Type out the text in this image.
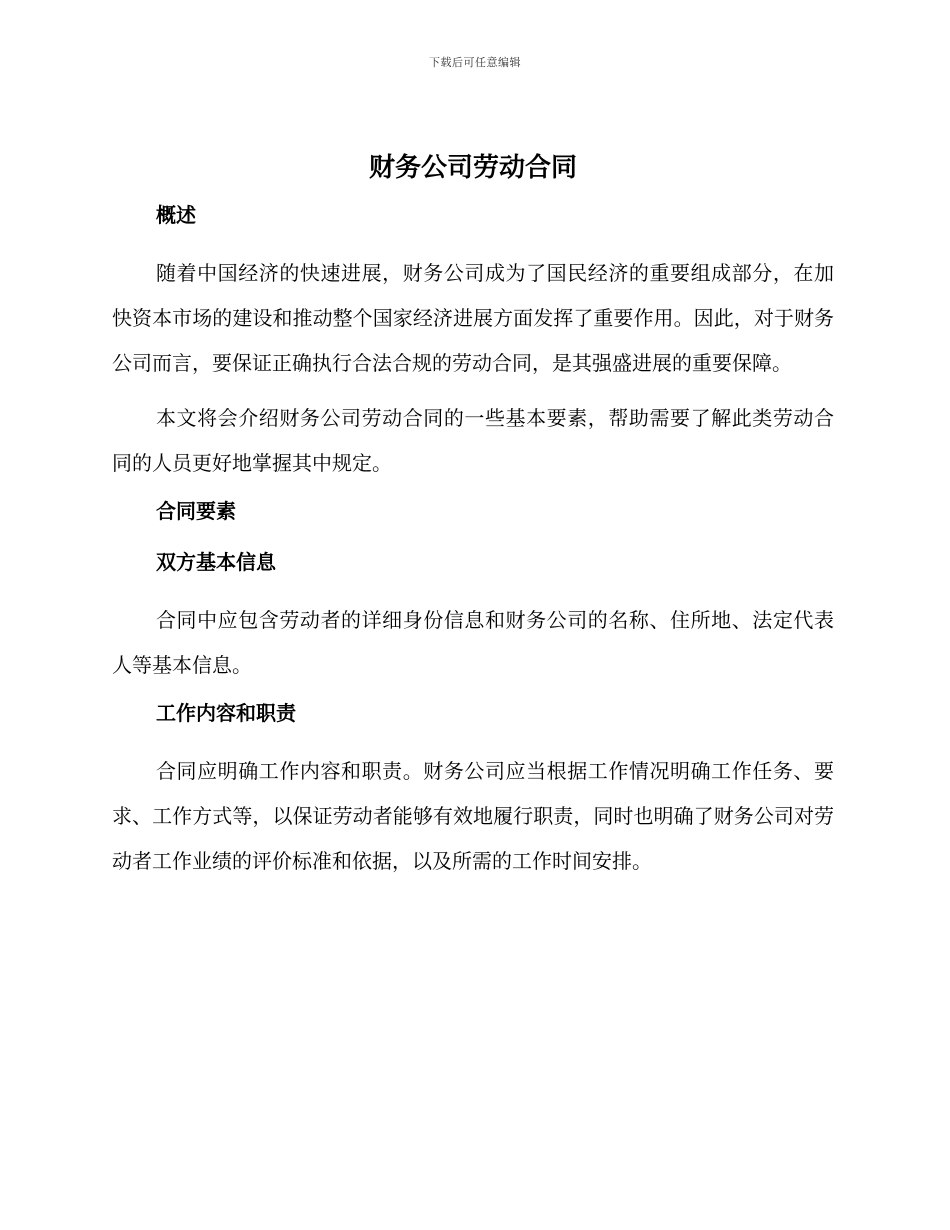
下载后可任意编辑
财务公司劳动合同
概述

随着中国经济的快速进展，财务公司成为了国民经济的重要组成部分，在加快资本市场的建设和推动整个国家经济进展方面发挥了重要作用。因此，对于财务公司而言，要保证正确执行合法合规的劳动合同，是其强盛进展的重要保障。

本文将会介绍财务公司劳动合同的一些基本要素，帮助需要了解此类劳动合同的人员更好地掌握其中规定。

合同要素
双方基本信息

合同中应包含劳动者的详细身份信息和财务公司的名称、住所地、法定代表人等基本信息。

工作内容和职责

合同应明确工作内容和职责。财务公司应当根据工作情况明确工作任务、要求、工作方式等，以保证劳动者能够有效地履行职责，同时也明确了财务公司对劳动者工作业绩的评价标准和依据，以及所需的工作时间安排。
